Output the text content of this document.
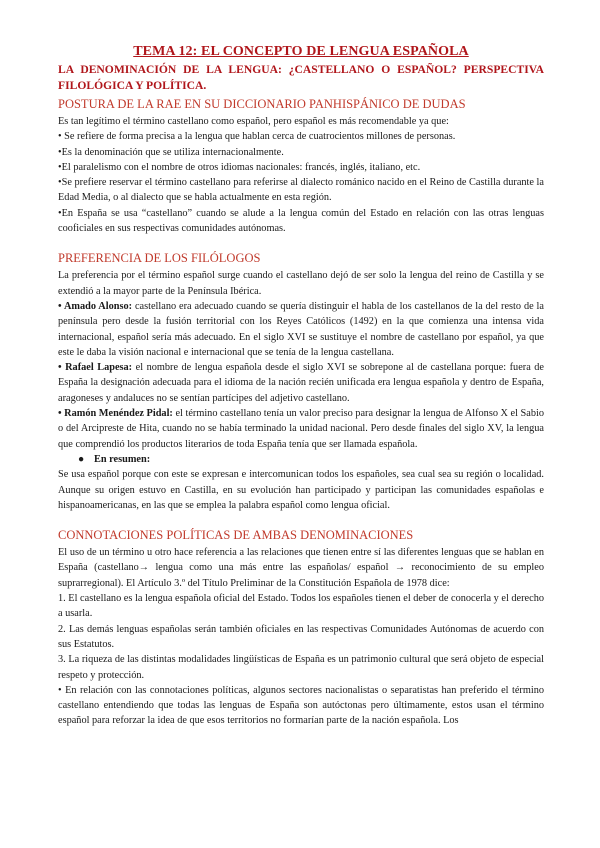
TEMA 12: EL CONCEPTO DE LENGUA ESPAÑOLA
LA DENOMINACIÓN DE LA LENGUA: ¿CASTELLANO O ESPAÑOL? PERSPECTIVA FILOLÓGICA Y POLÍTICA.
POSTURA DE LA RAE EN SU DICCIONARIO PANHISPÁNICO DE DUDAS

Es tan legítimo el término castellano como español, pero español es más recomendable ya que:

• Se refiere de forma precisa a la lengua que hablan cerca de cuatrocientos millones de personas.

•Es la denominación que se utiliza internacionalmente.

•El paralelismo con el nombre de otros idiomas nacionales: francés, inglés, italiano, etc.

•Se prefiere reservar el término castellano para referirse al dialecto románico nacido en el Reino de Castilla durante la Edad Media, o al dialecto que se habla actualmente en esta región.

•En España se usa “castellano” cuando se alude a la lengua común del Estado en relación con las otras lenguas cooficiales en sus respectivas comunidades autónomas.

PREFERENCIA DE LOS FILÓLOGOS

La preferencia por el término español surge cuando el castellano dejó de ser solo la lengua del reino de Castilla y se extendió a la mayor parte de la Península Ibérica.

• Amado Alonso: castellano era adecuado cuando se quería distinguir el habla de los castellanos de la del resto de la península pero desde la fusión territorial con los Reyes Católicos (1492) en la que comienza una intensa vida internacional, español sería más adecuado. En el siglo XVI se sustituye el nombre de castellano por español, ya que este le daba la visión nacional e internacional que se tenía de la lengua castellana.

• Rafael Lapesa: el nombre de lengua española desde el siglo XVI se sobrepone al de castellana porque: fuera de España la designación adecuada para el idioma de la nación recién unificada era lengua española y dentro de España, aragoneses y andaluces no se sentían partícipes del adjetivo castellano.

• Ramón Menéndez Pidal: el término castellano tenía un valor preciso para designar la lengua de Alfonso X el Sabio o del Arcipreste de Hita, cuando no se había terminado la unidad nacional. Pero desde finales del siglo XV, la lengua que comprendió los productos literarios de toda España tenía que ser llamada española.

● En resumen:

Se usa español porque con este se expresan e intercomunican todos los españoles, sea cual sea su región o localidad. Aunque su origen estuvo en Castilla, en su evolución han participado y participan las comunidades españolas e hispanoamericanas, en las que se emplea la palabra español como lengua oficial.

CONNOTACIONES POLÍTICAS DE AMBAS DENOMINACIONES

El uso de un término u otro hace referencia a las relaciones que tienen entre sí las diferentes lenguas que se hablan en España (castellano→ lengua como una más entre las españolas/ español → reconocimiento de su empleo suprarregional). El Artículo 3.º del Título Preliminar de la Constitución Española de 1978 dice:

1. El castellano es la lengua española oficial del Estado. Todos los españoles tienen el deber de conocerla y el derecho a usarla.

2. Las demás lenguas españolas serán también oficiales en las respectivas Comunidades Autónomas de acuerdo con sus Estatutos.

3. La riqueza de las distintas modalidades lingüísticas de España es un patrimonio cultural que será objeto de especial respeto y protección.

• En relación con las connotaciones políticas, algunos sectores nacionalistas o separatistas han preferido el término castellano entendiendo que todas las lenguas de España son autóctonas pero últimamente, estos usan el término español para reforzar la idea de que esos territorios no formarían parte de la nación española. Los
